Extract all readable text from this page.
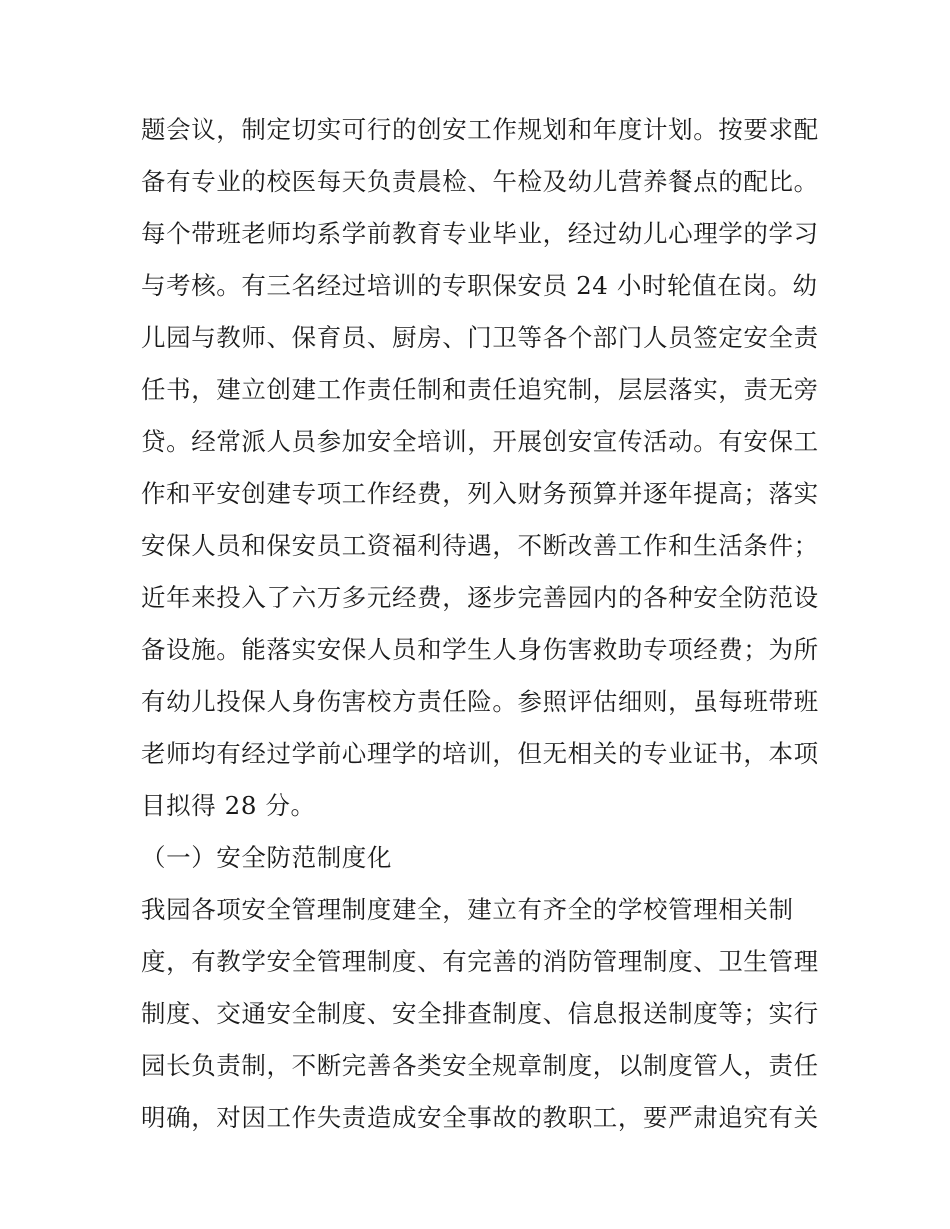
题会议，制定切实可行的创安工作规划和年度计划。按要求配
备有专业的校医每天负责晨检、午检及幼儿营养餐点的配比。
每个带班老师均系学前教育专业毕业，经过幼儿心理学的学习
与考核。有三名经过培训的专职保安员 24 小时轮值在岗。幼
儿园与教师、保育员、厨房、门卫等各个部门人员签定安全责
任书，建立创建工作责任制和责任追究制，层层落实，责无旁
贷。经常派人员参加安全培训，开展创安宣传活动。有安保工
作和平安创建专项工作经费，列入财务预算并逐年提高；落实
安保人员和保安员工资福利待遇，不断改善工作和生活条件；
近年来投入了六万多元经费，逐步完善园内的各种安全防范设
备设施。能落实安保人员和学生人身伤害救助专项经费；为所
有幼儿投保人身伤害校方责任险。参照评估细则，虽每班带班
老师均有经过学前心理学的培训，但无相关的专业证书，本项
目拟得 28 分。
（一）安全防范制度化
我园各项安全管理制度建全，建立有齐全的学校管理相关制
度，有教学安全管理制度、有完善的消防管理制度、卫生管理
制度、交通安全制度、安全排查制度、信息报送制度等；实行
园长负责制，不断完善各类安全规章制度，以制度管人，责任
明确，对因工作失责造成安全事故的教职工，要严肃追究有关
